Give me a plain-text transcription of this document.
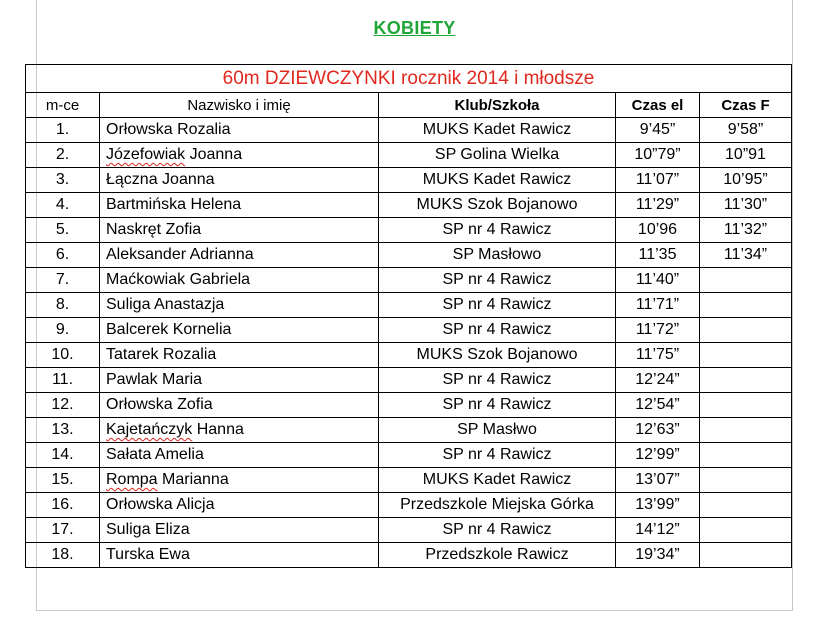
KOBIETY
60m DZIEWCZYNKI rocznik 2014 i młodsze				
m-ce	Nazwisko i imię	Klub/Szkoła	Czas el	Czas F
1.	Orłowska Rozalia	MUKS Kadet Rawicz	9’45”	9’58”
2.	Józefowiak Joanna	SP Golina Wielka	10”79”	10”91
3.	Łączna Joanna	MUKS Kadet Rawicz	11’07”	10’95”
4.	Bartmińska Helena	MUKS Szok Bojanowo	11’29”	11’30”
5.	Naskręt Zofia	SP nr 4 Rawicz	10’96	11’32”
6.	Aleksander Adrianna	SP Masłowo	11’35	11’34”
7.	Maćkowiak Gabriela	SP nr 4 Rawicz	11’40”	
8.	Suliga Anastazja	SP nr 4 Rawicz	11’71”	
9.	Balcerek Kornelia	SP nr 4 Rawicz	11’72”	
10.	Tatarek Rozalia	MUKS Szok Bojanowo	11’75”	
11.	Pawlak Maria	SP nr 4 Rawicz	12’24”	
12.	Orłowska Zofia	SP nr 4 Rawicz	12’54”	
13.	Kajetańczyk Hanna	SP Masłwo	12’63”	
14.	Sałata Amelia	SP nr 4 Rawicz	12’99”	
15.	Rompa Marianna	MUKS Kadet Rawicz	13’07”	
16.	Orłowska Alicja	Przedszkole Miejska Górka	13’99”	
17.	Suliga Eliza	SP nr 4 Rawicz	14’12”	
18.	Turska Ewa	Przedszkole Rawicz	19’34”	
